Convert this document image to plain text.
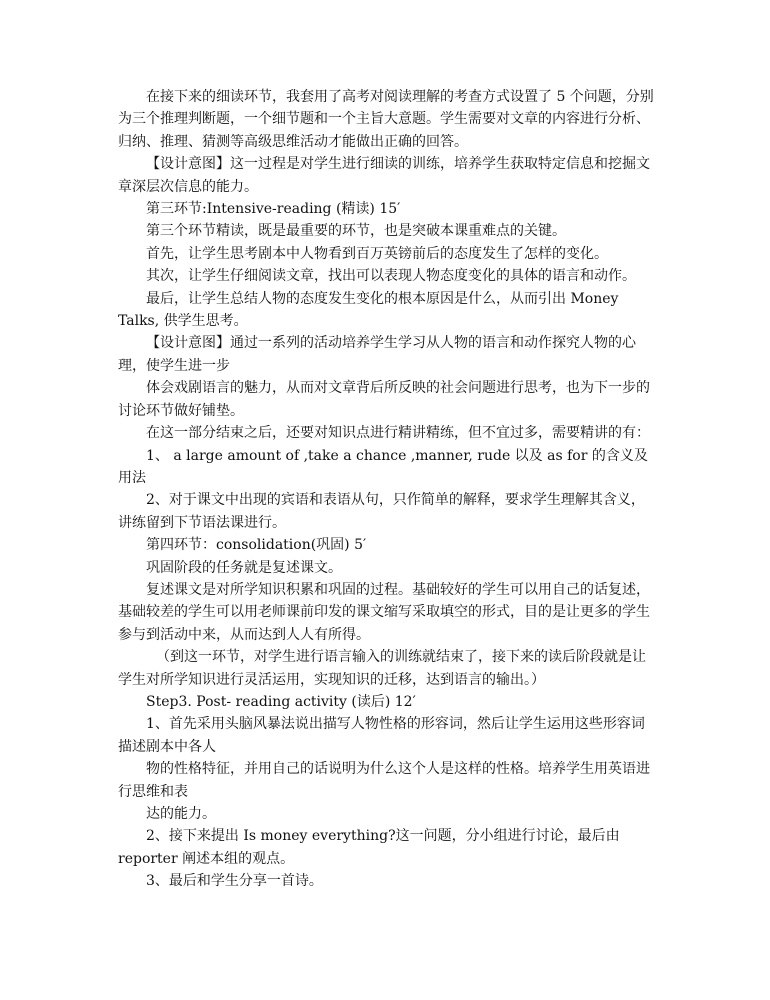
在接下来的细读环节，我套用了高考对阅读理解的考查方式设置了 5 个问题，分别为三个推理判断题，一个细节题和一个主旨大意题。学生需要对文章的内容进行分析、归纳、推理、猜测等高级思维活动才能做出正确的回答。

【设计意图】这一过程是对学生进行细读的训练，培养学生获取特定信息和挖掘文章深层次信息的能力。

第三环节:Intensive-reading (精读) 15′

第三个环节精读，既是最重要的环节，也是突破本课重难点的关键。

首先，让学生思考剧本中人物看到百万英镑前后的态度发生了怎样的变化。

其次，让学生仔细阅读文章，找出可以表现人物态度变化的具体的语言和动作。

最后，让学生总结人物的态度发生变化的根本原因是什么，从而引出 Money Talks, 供学生思考。

【设计意图】通过一系列的活动培养学生学习从人物的语言和动作探究人物的心理，使学生进一步

体会戏剧语言的魅力，从而对文章背后所反映的社会问题进行思考，也为下一步的讨论环节做好铺垫。

在这一部分结束之后，还要对知识点进行精讲精练，但不宜过多，需要精讲的有：

1、 a large amount of ,take a chance ,manner, rude 以及 as for 的含义及用法

2、对于课文中出现的宾语和表语从句，只作简单的解释，要求学生理解其含义，讲练留到下节语法课进行。

第四环节：consolidation(巩固) 5′

巩固阶段的任务就是复述课文。

复述课文是对所学知识积累和巩固的过程。基础较好的学生可以用自己的话复述，基础较差的学生可以用老师课前印发的课文缩写采取填空的形式，目的是让更多的学生参与到活动中来，从而达到人人有所得。

（到这一环节，对学生进行语言输入的训练就结束了，接下来的读后阶段就是让学生对所学知识进行灵活运用，实现知识的迁移，达到语言的输出。）

Step3. Post- reading activity (读后) 12′

1、首先采用头脑风暴法说出描写人物性格的形容词，然后让学生运用这些形容词描述剧本中各人

物的性格特征，并用自己的话说明为什么这个人是这样的性格。培养学生用英语进行思维和表

达的能力。

2、接下来提出 Is money everything?这一问题，分小组进行讨论，最后由 reporter 阐述本组的观点。

3、最后和学生分享一首诗。
